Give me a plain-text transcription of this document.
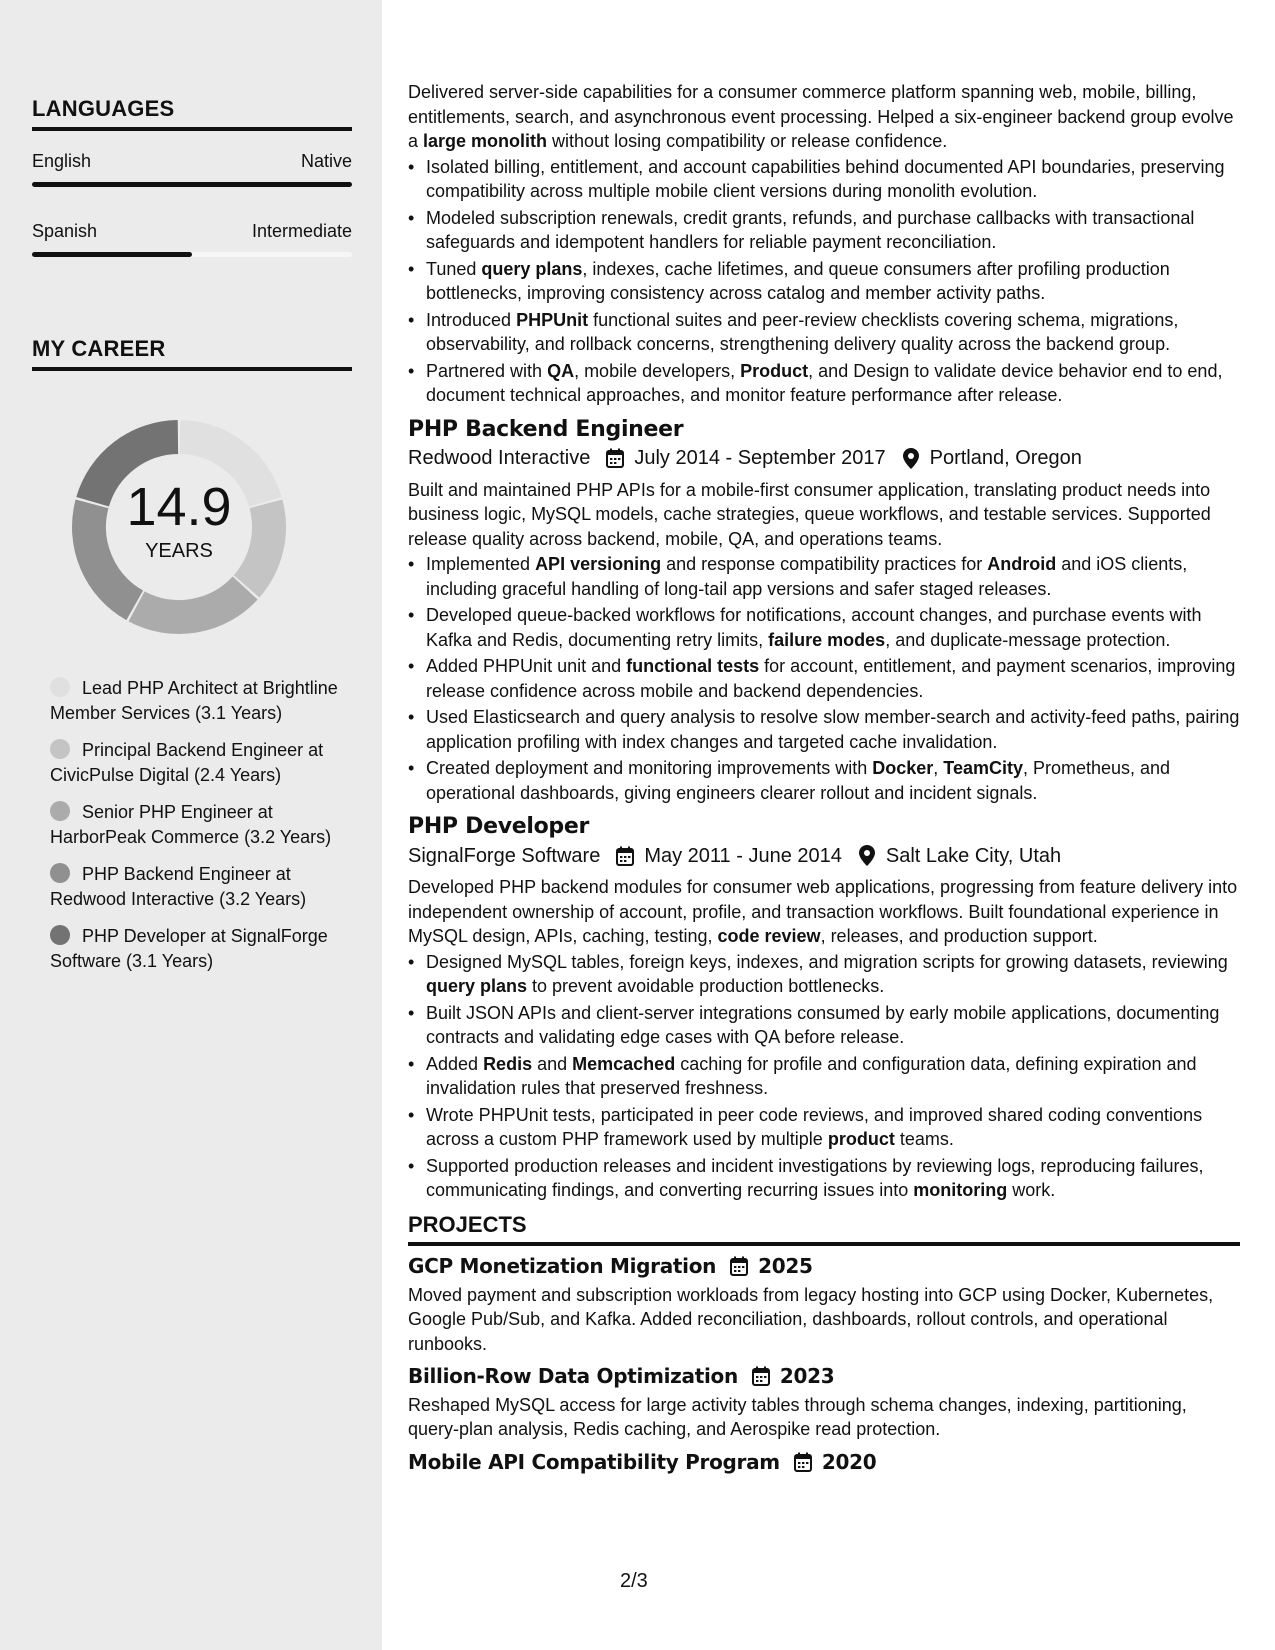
LANGUAGES
English	Native
Spanish	Intermediate
MY CAREER
14.9
YEARS
Lead PHP Architect at Brightline Member Services (3.1 Years)
Principal Backend Engineer at CivicPulse Digital (2.4 Years)
Senior PHP Engineer at HarborPeak Commerce (3.2 Years)
PHP Backend Engineer at Redwood Interactive (3.2 Years)
PHP Developer at SignalForge Software (3.1 Years)
Delivered server-side capabilities for a consumer commerce platform spanning web, mobile, billing, entitlements, search, and asynchronous event processing. Helped a six-engineer backend group evolve a large monolith without losing compatibility or release confidence.
• Isolated billing, entitlement, and account capabilities behind documented API boundaries, preserving compatibility across multiple mobile client versions during monolith evolution.
• Modeled subscription renewals, credit grants, refunds, and purchase callbacks with transactional safeguards and idempotent handlers for reliable payment reconciliation.
• Tuned query plans, indexes, cache lifetimes, and queue consumers after profiling production bottlenecks, improving consistency across catalog and member activity paths.
• Introduced PHPUnit functional suites and peer-review checklists covering schema, migrations, observability, and rollback concerns, strengthening delivery quality across the backend group.
• Partnered with QA, mobile developers, Product, and Design to validate device behavior end to end, document technical approaches, and monitor feature performance after release.
PHP Backend Engineer
Redwood Interactive July 2014 - September 2017 Portland, Oregon
Built and maintained PHP APIs for a mobile-first consumer application, translating product needs into business logic, MySQL models, cache strategies, queue workflows, and testable services. Supported release quality across backend, mobile, QA, and operations teams.
• Implemented API versioning and response compatibility practices for Android and iOS clients, including graceful handling of long-tail app versions and safer staged releases.
• Developed queue-backed workflows for notifications, account changes, and purchase events with Kafka and Redis, documenting retry limits, failure modes, and duplicate-message protection.
• Added PHPUnit unit and functional tests for account, entitlement, and payment scenarios, improving release confidence across mobile and backend dependencies.
• Used Elasticsearch and query analysis to resolve slow member-search and activity-feed paths, pairing application profiling with index changes and targeted cache invalidation.
• Created deployment and monitoring improvements with Docker, TeamCity, Prometheus, and operational dashboards, giving engineers clearer rollout and incident signals.
PHP Developer
SignalForge Software May 2011 - June 2014 Salt Lake City, Utah
Developed PHP backend modules for consumer web applications, progressing from feature delivery into independent ownership of account, profile, and transaction workflows. Built foundational experience in MySQL design, APIs, caching, testing, code review, releases, and production support.
• Designed MySQL tables, foreign keys, indexes, and migration scripts for growing datasets, reviewing query plans to prevent avoidable production bottlenecks.
• Built JSON APIs and client-server integrations consumed by early mobile applications, documenting contracts and validating edge cases with QA before release.
• Added Redis and Memcached caching for profile and configuration data, defining expiration and invalidation rules that preserved freshness.
• Wrote PHPUnit tests, participated in peer code reviews, and improved shared coding conventions across a custom PHP framework used by multiple product teams.
• Supported production releases and incident investigations by reviewing logs, reproducing failures, communicating findings, and converting recurring issues into monitoring work.
PROJECTS
GCP Monetization Migration 2025
Moved payment and subscription workloads from legacy hosting into GCP using Docker, Kubernetes, Google Pub/Sub, and Kafka. Added reconciliation, dashboards, rollout controls, and operational runbooks.
Billion-Row Data Optimization 2023
Reshaped MySQL access for large activity tables through schema changes, indexing, partitioning, query-plan analysis, Redis caching, and Aerospike read protection.
Mobile API Compatibility Program 2020
2/3
